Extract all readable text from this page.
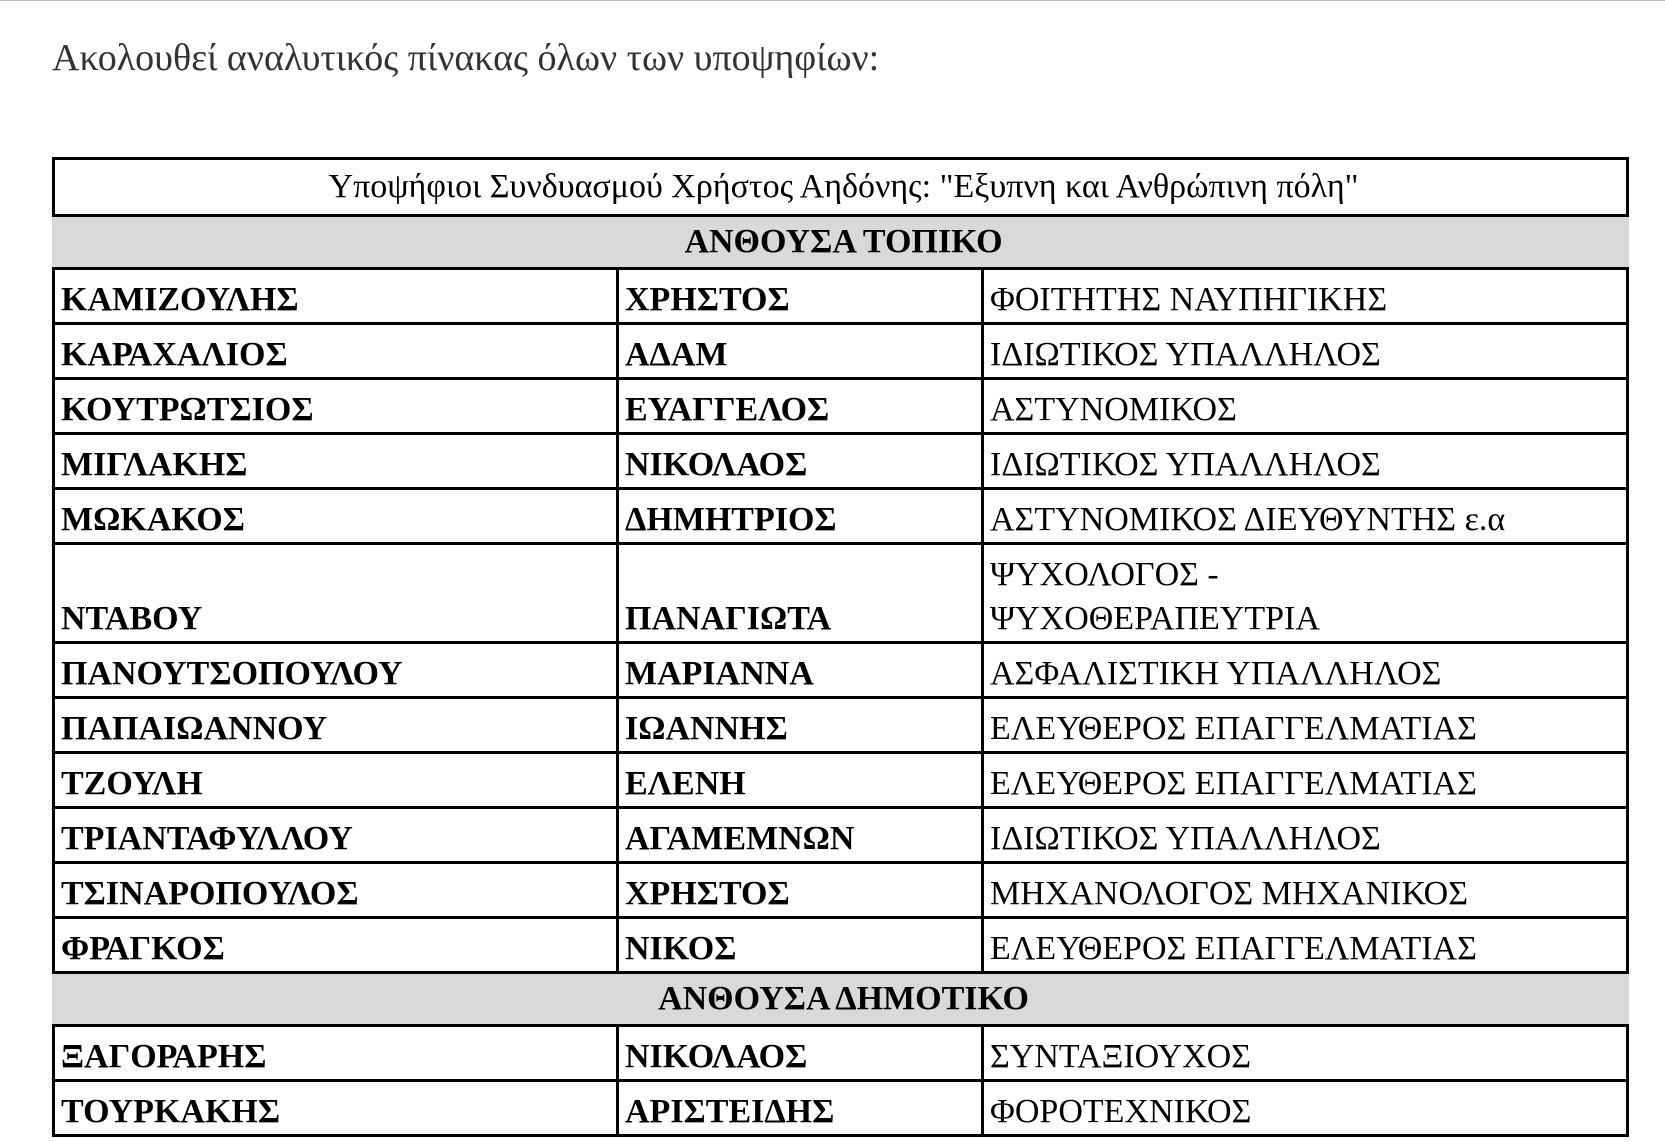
Ακολουθεί αναλυτικός πίνακας όλων των υποψηφίων:

Υποψήφιοι Συνδυασμού Χρήστος Αηδόνης: "Εξυπνη και Ανθρώπινη πόλη"		
ΑΝΘΟΥΣΑ ΤΟΠΙΚΟ		
ΚΑΜΙΖΟΥΛΗΣ	ΧΡΗΣΤΟΣ	ΦΟΙΤΗΤΗΣ ΝΑΥΠΗΓΙΚΗΣ
ΚΑΡΑΧΑΛΙΟΣ	ΑΔΑΜ	ΙΔΙΩΤΙΚΟΣ ΥΠΑΛΛΗΛΟΣ
ΚΟΥΤΡΩΤΣΙΟΣ	ΕΥΑΓΓΕΛΟΣ	ΑΣΤΥΝΟΜΙΚΟΣ
ΜΙΓΛΑΚΗΣ	ΝΙΚΟΛΑΟΣ	ΙΔΙΩΤΙΚΟΣ ΥΠΑΛΛΗΛΟΣ
ΜΩΚΑΚΟΣ	ΔΗΜΗΤΡΙΟΣ	ΑΣΤΥΝΟΜΙΚΟΣ ΔΙΕΥΘΥΝΤΗΣ ε.α
ΝΤΑΒΟΥ	ΠΑΝΑΓΙΩΤΑ	ΨΥΧΟΛΟΓΟΣ - ΨΥΧΟΘΕΡΑΠΕΥΤΡΙΑ
ΠΑΝΟΥΤΣΟΠΟΥΛΟΥ	ΜΑΡΙΑΝΝΑ	ΑΣΦΑΛΙΣΤΙΚΗ ΥΠΑΛΛΗΛΟΣ
ΠΑΠΑΙΩΑΝΝΟΥ	ΙΩΑΝΝΗΣ	ΕΛΕΥΘΕΡΟΣ ΕΠΑΓΓΕΛΜΑΤΙΑΣ
ΤΖΟΥΛΗ	ΕΛΕΝΗ	ΕΛΕΥΘΕΡΟΣ ΕΠΑΓΓΕΛΜΑΤΙΑΣ
ΤΡΙΑΝΤΑΦΥΛΛΟΥ	ΑΓΑΜΕΜΝΩΝ	ΙΔΙΩΤΙΚΟΣ ΥΠΑΛΛΗΛΟΣ
ΤΣΙΝΑΡΟΠΟΥΛΟΣ	ΧΡΗΣΤΟΣ	ΜΗΧΑΝΟΛΟΓΟΣ ΜΗΧΑΝΙΚΟΣ
ΦΡΑΓΚΟΣ	ΝΙΚΟΣ	ΕΛΕΥΘΕΡΟΣ ΕΠΑΓΓΕΛΜΑΤΙΑΣ
ΑΝΘΟΥΣΑ ΔΗΜΟΤΙΚΟ		
ΞΑΓΟΡΑΡΗΣ	ΝΙΚΟΛΑΟΣ	ΣΥΝΤΑΞΙΟΥΧΟΣ
ΤΟΥΡΚΑΚΗΣ	ΑΡΙΣΤΕΙΔΗΣ	ΦΟΡΟΤΕΧΝΙΚΟΣ
